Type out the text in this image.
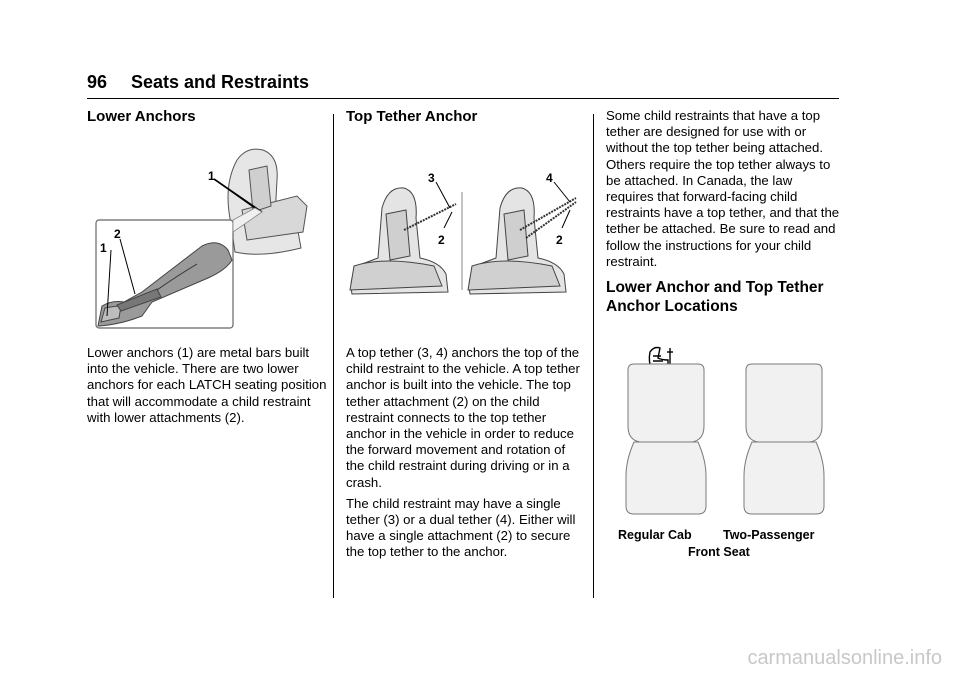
96 Seats and Restraints
Lower Anchors
1
1
2

Lower anchors (1) are metal bars built into the vehicle. There are two lower anchors for each LATCH seating position that will accommodate a child restraint with lower attachments (2).

Top Tether Anchor
3
2
4
2

A top tether (3, 4) anchors the top of the child restraint to the vehicle. A top tether anchor is built into the vehicle. The top tether attachment (2) on the child restraint connects to the top tether anchor in the vehicle in order to reduce the forward movement and rotation of the child restraint during driving or in a crash.

The child restraint may have a single tether (3) or a dual tether (4). Either will have a single attachment (2) to secure the top tether to the anchor.

Some child restraints that have a top tether are designed for use with or without the top tether being attached. Others require the top tether always to be attached. In Canada, the law requires that forward-facing child restraints have a top tether, and that the tether be attached. Be sure to read and follow the instructions for your child restraint.

Lower Anchor and Top Tether Anchor Locations
Regular Cab	Two-Passenger
Front Seat
carmanualsonline.info
